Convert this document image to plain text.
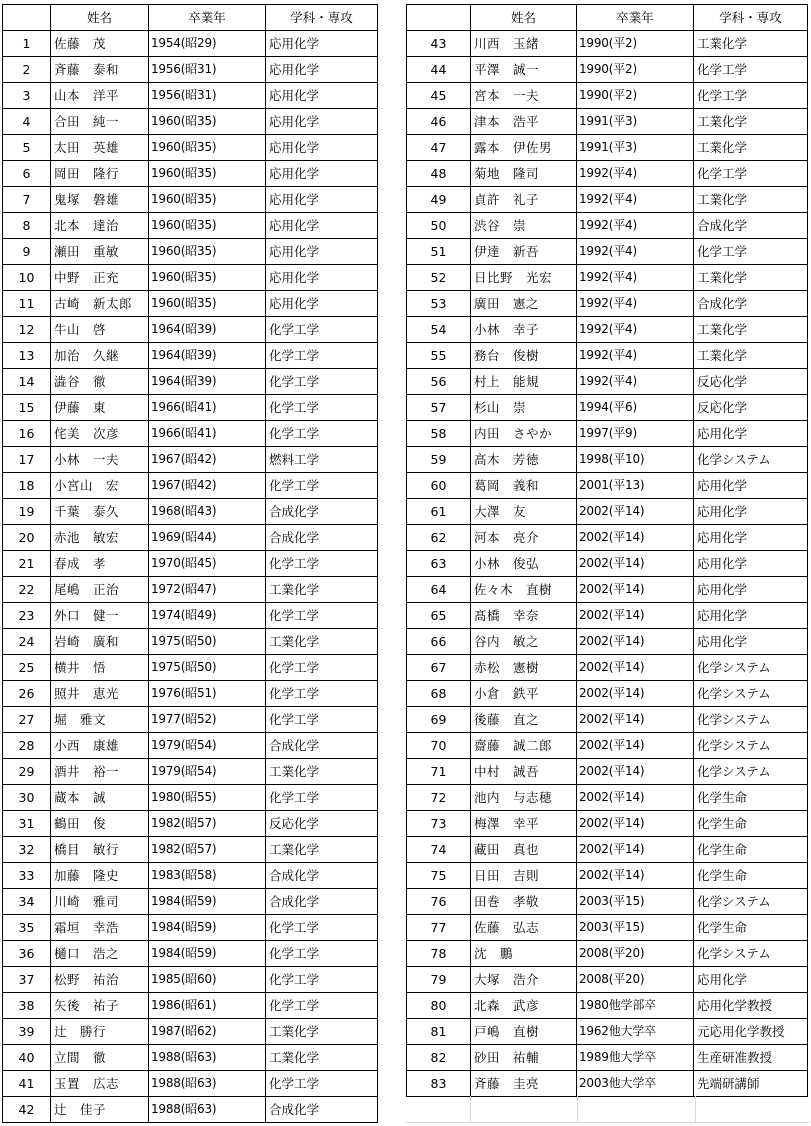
	姓名	卒業年	学科・専攻
1	佐藤　茂	1954(昭29)	応用化学
2	斉藤　泰和	1956(昭31)	応用化学
3	山本　洋平	1956(昭31)	応用化学
4	合田　純一	1960(昭35)	応用化学
5	太田　英雄	1960(昭35)	応用化学
6	岡田　隆行	1960(昭35)	応用化学
7	鬼塚　磐雄	1960(昭35)	応用化学
8	北本　達治	1960(昭35)	応用化学
9	瀬田　重敏	1960(昭35)	応用化学
10	中野　正充	1960(昭35)	応用化学
11	古崎　新太郎	1960(昭35)	応用化学
12	牛山　啓	1964(昭39)	化学工学
13	加治　久継	1964(昭39)	化学工学
14	澁谷　徹	1964(昭39)	化学工学
15	伊藤　東	1966(昭41)	化学工学
16	侘美　次彦	1966(昭41)	化学工学
17	小林　一夫	1967(昭42)	燃料工学
18	小宮山　宏	1967(昭42)	化学工学
19	千葉　泰久	1968(昭43)	合成化学
20	赤池　敏宏	1969(昭44)	合成化学
21	春成　孝	1970(昭45)	化学工学
22	尾嶋　正治	1972(昭47)	工業化学
23	外口　健一	1974(昭49)	化学工学
24	岩崎　廣和	1975(昭50)	工業化学
25	横井　悟	1975(昭50)	化学工学
26	照井　恵光	1976(昭51)	化学工学
27	堀　雅文	1977(昭52)	化学工学
28	小西　康雄	1979(昭54)	合成化学
29	酒井　裕一	1979(昭54)	工業化学
30	蔵本　誠	1980(昭55)	化学工学
31	鶴田　俊	1982(昭57)	反応化学
32	橋目　敏行	1982(昭57)	工業化学
33	加藤　隆史	1983(昭58)	合成化学
34	川崎　雅司	1984(昭59)	合成化学
35	霜垣　幸浩	1984(昭59)	化学工学
36	樋口　浩之	1984(昭59)	化学工学
37	松野　祐治	1985(昭60)	化学工学
38	矢後　祐子	1986(昭61)	化学工学
39	辻　勝行	1987(昭62)	工業化学
40	立間　徹	1988(昭63)	工業化学
41	玉置　広志	1988(昭63)	化学工学
42	辻　佳子	1988(昭63)	合成化学
	姓名	卒業年	学科・専攻
43	川西　玉緒	1990(平2)	工業化学
44	平澤　誠一	1990(平2)	化学工学
45	宮本　一夫	1990(平2)	化学工学
46	津本　浩平	1991(平3)	工業化学
47	露本　伊佐男	1991(平3)	工業化学
48	菊地　隆司	1992(平4)	化学工学
49	貞許　礼子	1992(平4)	工業化学
50	渋谷　崇	1992(平4)	合成化学
51	伊達　新吾	1992(平4)	化学工学
52	日比野　光宏	1992(平4)	工業化学
53	廣田　憲之	1992(平4)	合成化学
54	小林　幸子	1992(平4)	工業化学
55	務台　俊樹	1992(平4)	工業化学
56	村上　能規	1992(平4)	反応化学
57	杉山　崇	1994(平6)	反応化学
58	内田　さやか	1997(平9)	応用化学
59	高木　芳徳	1998(平10)	化学システム
60	葛岡　義和	2001(平13)	応用化学
61	大澤　友	2002(平14)	応用化学
62	河本　亮介	2002(平14)	応用化学
63	小林　俊弘	2002(平14)	応用化学
64	佐々木　直樹	2002(平14)	応用化学
65	髙橋　幸奈	2002(平14)	応用化学
66	谷内　敏之	2002(平14)	応用化学
67	赤松　憲樹	2002(平14)	化学システム
68	小倉　鉄平	2002(平14)	化学システム
69	後藤　直之	2002(平14)	化学システム
70	齋藤　誠二郎	2002(平14)	化学システム
71	中村　誠吾	2002(平14)	化学システム
72	池内　与志穂	2002(平14)	化学生命
73	梅澤　幸平	2002(平14)	化学生命
74	藏田　真也	2002(平14)	化学生命
75	日田　吉則	2002(平14)	化学生命
76	田巻　孝敬	2003(平15)	化学システム
77	佐藤　弘志	2003(平15)	化学生命
78	沈　鵬	2008(平20)	化学システム
79	大塚　浩介	2008(平20)	応用化学
80	北森　武彦	1980他学部卒	応用化学教授
81	戸嶋　直樹	1962他大学卒	元応用化学教授
82	砂田　祐輔	1989他大学卒	生産研准教授
83	斉藤　圭亮	2003他大学卒	先端研講師
